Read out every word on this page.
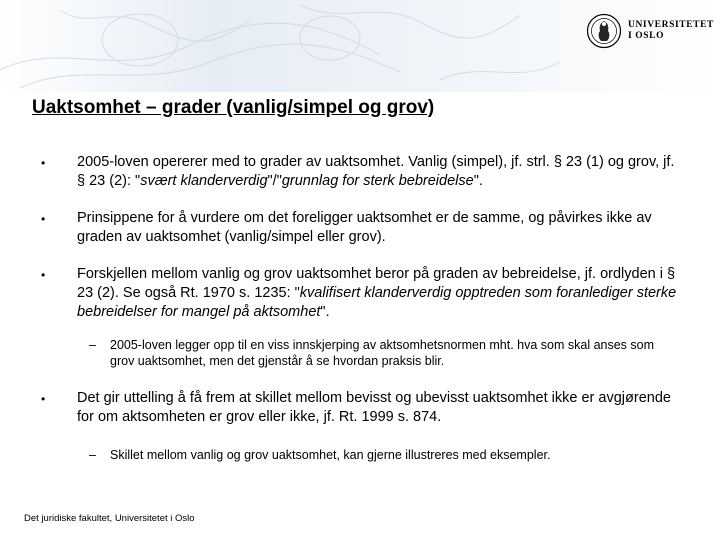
UNIVERSITETET
I OSLO
Uaktsomhet – grader (vanlig/simpel og grov)
• 2005-loven opererer med to grader av uaktsomhet. Vanlig (simpel), jf. strl. § 23 (1) og grov, jf. § 23 (2): "svært klanderverdig"/"grunnlag for sterk bebreidelse".
• Prinsippene for å vurdere om det foreligger uaktsomhet er de samme, og påvirkes ikke av graden av uaktsomhet (vanlig/simpel eller grov).
• Forskjellen mellom vanlig og grov uaktsomhet beror på graden av bebreidelse, jf. ordlyden i § 23 (2). Se også Rt. 1970 s. 1235: "kvalifisert klanderverdig opptreden som foranlediger sterke bebreidelser for mangel på aktsomhet".
– 2005-loven legger opp til en viss innskjerping av aktsomhetsnormen mht. hva som skal anses som grov uaktsomhet, men det gjenstår å se hvordan praksis blir.
• Det gir uttelling å få frem at skillet mellom bevisst og ubevisst uaktsomhet ikke er avgjørende for om aktsomheten er grov eller ikke, jf. Rt. 1999 s. 874.
– Skillet mellom vanlig og grov uaktsomhet, kan gjerne illustreres med eksempler.
Det juridiske fakultet, Universitetet i Oslo
